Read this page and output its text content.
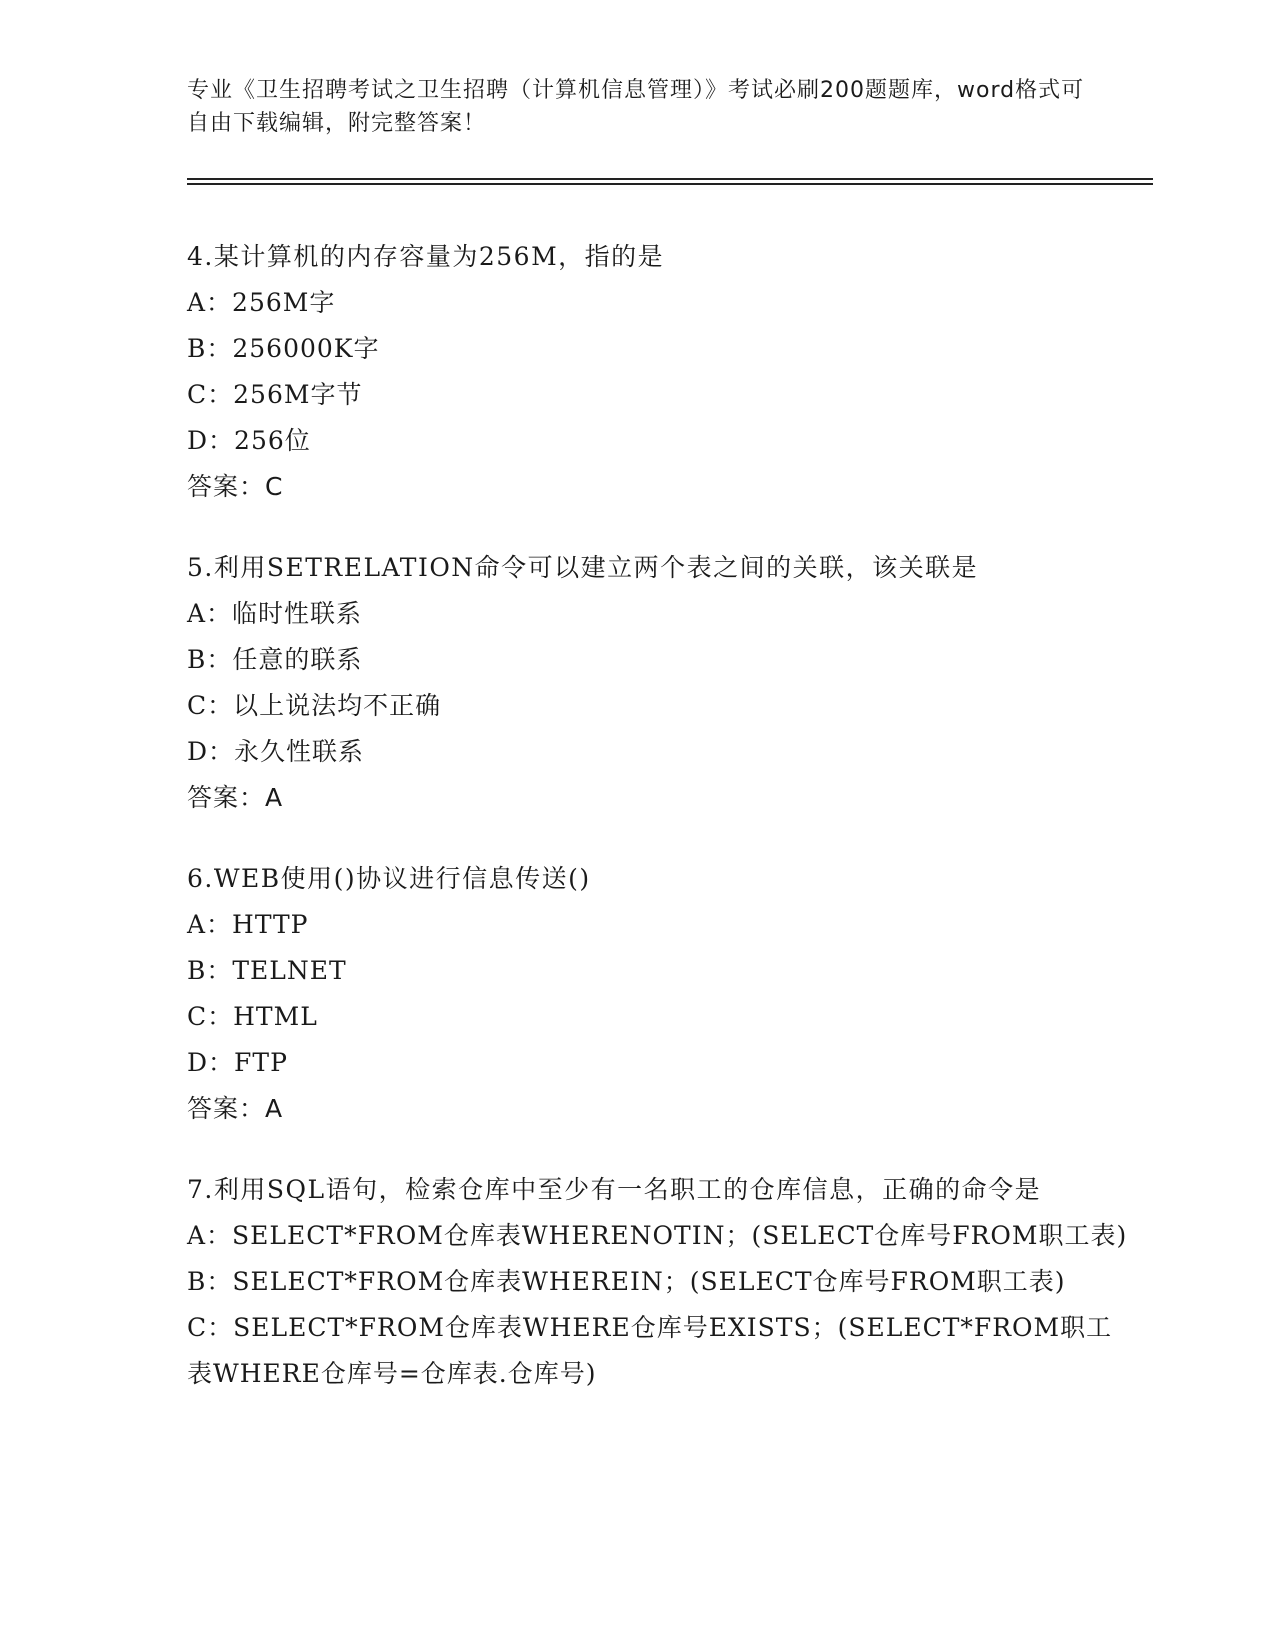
专业《卫生招聘考试之卫生招聘（计算机信息管理）》考试必刷200题题库，word格式可自由下载编辑，附完整答案！
4.某计算机的内存容量为256M，指的是
A：256M字
B：256000K字
C：256M字节
D：256位
答案：C
5.利用SETRELATION命令可以建立两个表之间的关联，该关联是
A：临时性联系
B：任意的联系
C：以上说法均不正确
D：永久性联系
答案：A
6.WEB使用()协议进行信息传送()
A：HTTP
B：TELNET
C：HTML
D：FTP
答案：A
7.利用SQL语句，检索仓库中至少有一名职工的仓库信息，正确的命令是
A：SELECT*FROM仓库表WHERENOTIN；(SELECT仓库号FROM职工表)
B：SELECT*FROM仓库表WHEREIN；(SELECT仓库号FROM职工表)
C：SELECT*FROM仓库表WHERE仓库号EXISTS；(SELECT*FROM职工表WHERE仓库号=仓库表.仓库号)
